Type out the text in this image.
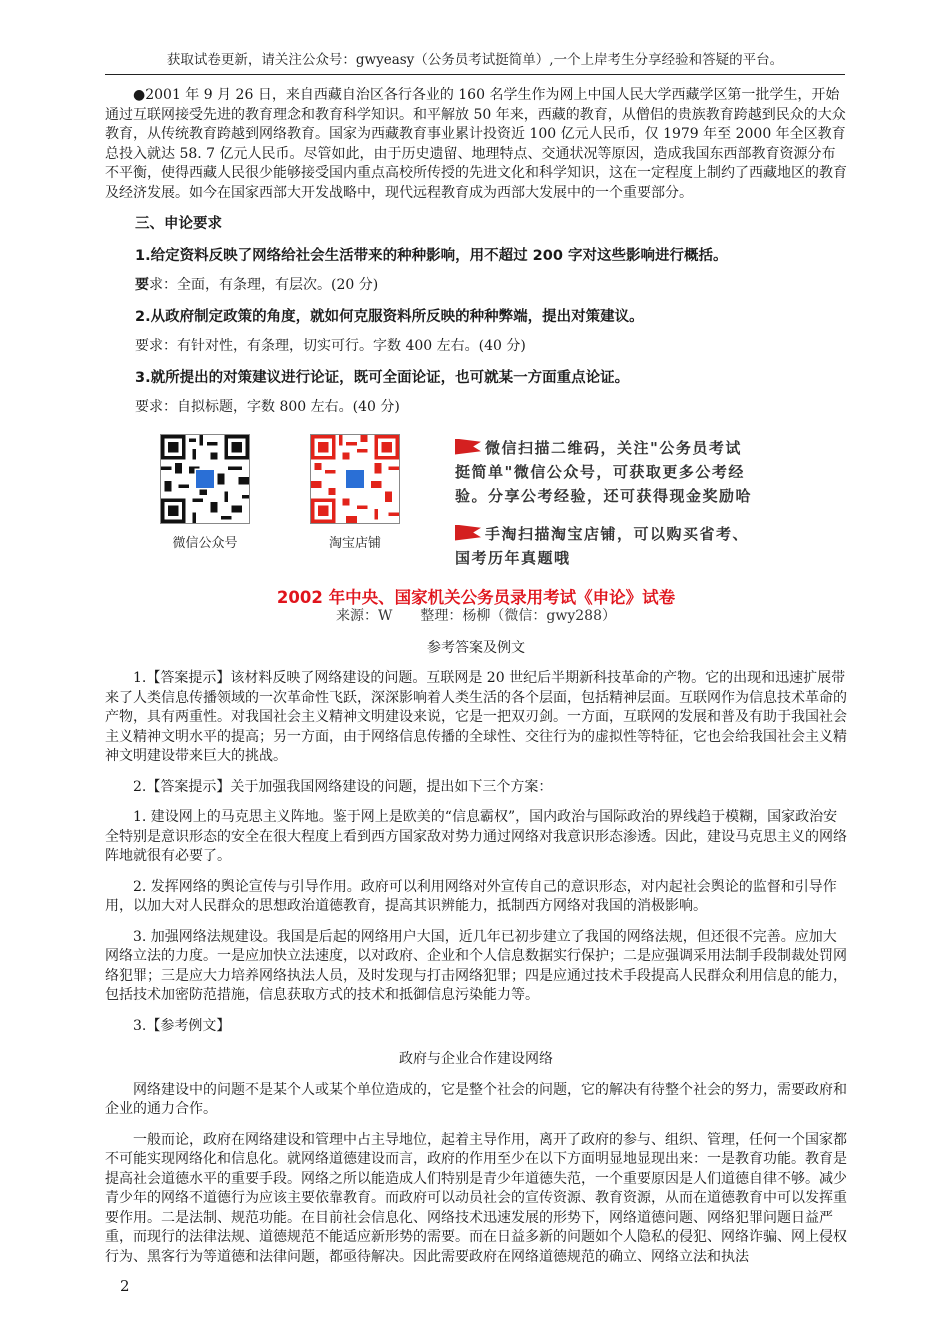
获取试卷更新，请关注公众号：gwyeasy（公务员考试挺简单）,一个上岸考生分享经验和答疑的平台。

●2001 年 9 月 26 日，来自西藏自治区各行各业的 160 名学生作为网上中国人民大学西藏学区第一批学生，开始通过互联网接受先进的教育理念和教育科学知识。和平解放 50 年来，西藏的教育，从僧侣的贵族教育跨越到民众的大众教育，从传统教育跨越到网络教育。国家为西藏教育事业累计投资近 100 亿元人民币，仅 1979 年至 2000 年全区教育总投入就达 58. 7 亿元人民币。尽管如此，由于历史遗留、地理特点、交通状况等原因，造成我国东西部教育资源分布不平衡，使得西藏人民很少能够接受国内重点高校所传授的先进文化和科学知识，这在一定程度上制约了西藏地区的教育及经济发展。如今在国家西部大开发战略中，现代远程教育成为西部大发展中的一个重要部分。

三、申论要求

1.给定资料反映了网络给社会生活带来的种种影响，用不超过 200 字对这些影响进行概括。

要求：全面，有条理，有层次。(20 分)

2.从政府制定政策的角度，就如何克服资料所反映的种种弊端，提出对策建议。

要求：有针对性，有条理，切实可行。字数 400 左右。(40 分)

3.就所提出的对策建议进行论证，既可全面论证，也可就某一方面重点论证。

要求：自拟标题，字数 800 左右。(40 分)

微信公众号	淘宝店铺
微信扫描二维码，关注"公务员考试
挺简单"微信公众号，可获取更多公考经
验。分享公考经验，还可获得现金奖励哈
手淘扫描淘宝店铺，可以购买省考、
国考历年真题哦

2002 年中央、国家机关公务员录用考试《申论》试卷

来源：W　　整理：杨柳（微信：gwy288）

参考答案及例文

1.【答案提示】该材料反映了网络建设的问题。互联网是 20 世纪后半期新科技革命的产物。它的出现和迅速扩展带来了人类信息传播领域的一次革命性飞跃，深深影响着人类生活的各个层面，包括精神层面。互联网作为信息技术革命的产物，具有两重性。对我国社会主义精神文明建设来说，它是一把双刃剑。一方面，互联网的发展和普及有助于我国社会主义精神文明水平的提高；另一方面，由于网络信息传播的全球性、交往行为的虚拟性等特征，它也会给我国社会主义精神文明建设带来巨大的挑战。

2.【答案提示】关于加强我国网络建设的问题，提出如下三个方案：

1. 建设网上的马克思主义阵地。鉴于网上是欧美的“信息霸权”，国内政治与国际政治的界线趋于模糊，国家政治安全特别是意识形态的安全在很大程度上看到西方国家敌对势力通过网络对我意识形态渗透。因此，建设马克思主义的网络阵地就很有必要了。

2. 发挥网络的舆论宣传与引导作用。政府可以利用网络对外宣传自己的意识形态，对内起社会舆论的监督和引导作用，以加大对人民群众的思想政治道德教育，提高其识辨能力，抵制西方网络对我国的消极影响。

3. 加强网络法规建设。我国是后起的网络用户大国，近几年已初步建立了我国的网络法规，但还很不完善。应加大网络立法的力度。一是应加快立法速度，以对政府、企业和个人信息数据实行保护；二是应强调采用法制手段制裁处罚网络犯罪；三是应大力培养网络执法人员，及时发现与打击网络犯罪；四是应通过技术手段提高人民群众利用信息的能力，包括技术加密防范措施，信息获取方式的技术和抵御信息污染能力等。

3.【参考例文】

政府与企业合作建设网络

网络建设中的问题不是某个人或某个单位造成的，它是整个社会的问题，它的解决有待整个社会的努力，需要政府和企业的通力合作。

一般而论，政府在网络建设和管理中占主导地位，起着主导作用，离开了政府的参与、组织、管理，任何一个国家都不可能实现网络化和信息化。就网络道德建设而言，政府的作用至少在以下方面明显地显现出来：一是教育功能。教育是提高社会道德水平的重要手段。网络之所以能造成人们特别是青少年道德失范，一个重要原因是人们道德自律不够。减少青少年的网络不道德行为应该主要依靠教育。而政府可以动员社会的宣传资源、教育资源，从而在道德教育中可以发挥重要作用。二是法制、规范功能。在目前社会信息化、网络技术迅速发展的形势下，网络道德问题、网络犯罪问题日益严重，而现行的法律法规、道德规范不能适应新形势的需要。而在日益多新的问题如个人隐私的侵犯、网络诈骗、网上侵权行为、黑客行为等道德和法律问题，都亟待解决。因此需要政府在网络道德规范的确立、网络立法和执法

2
